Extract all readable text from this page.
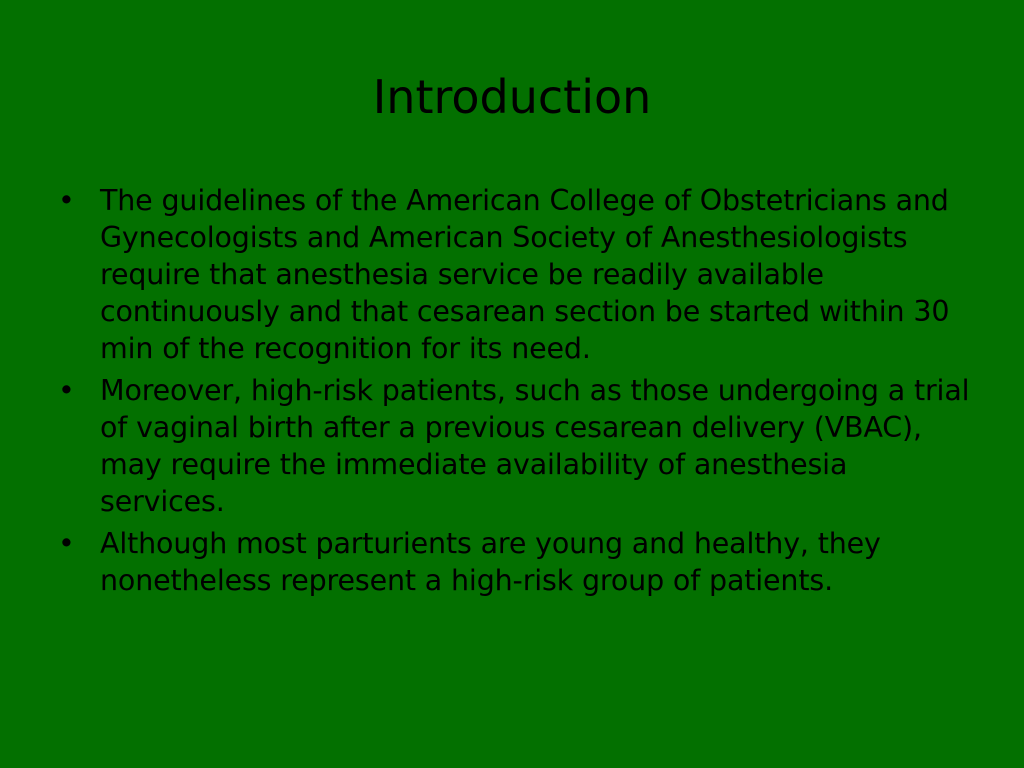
Introduction
• The guidelines of the American College of Obstetricians and Gynecologists and American Society of Anesthesiologists require that anesthesia service be readily available continuously and that cesarean section be started within 30 min of the recognition for its need.
• Moreover, high-risk patients, such as those undergoing a trial of vaginal birth after a previous cesarean delivery (VBAC), may require the immediate availability of anesthesia services.
• Although most parturients are young and healthy, they nonetheless represent a high-risk group of patients.
